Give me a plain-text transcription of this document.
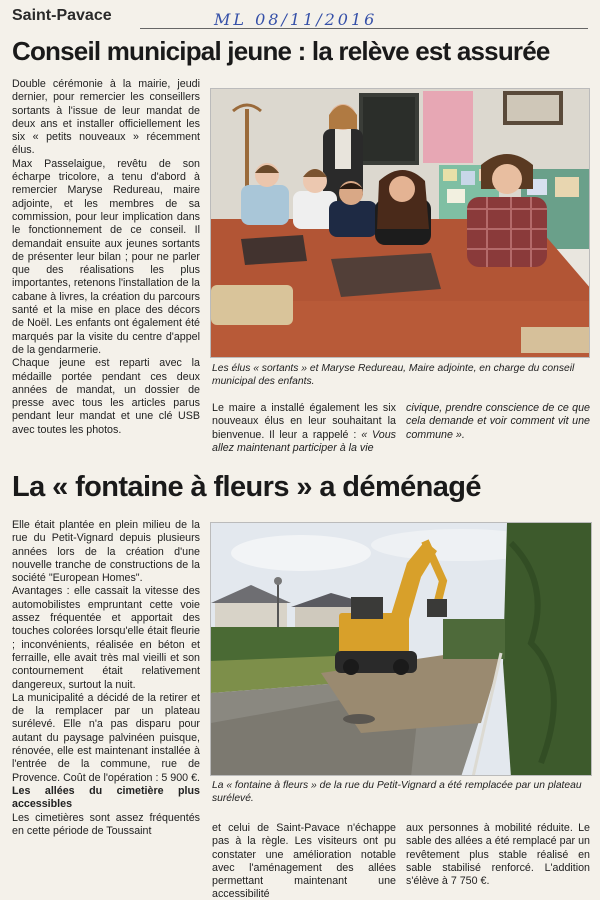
Saint-Pavace	ML 08/11/2016
Conseil municipal jeune : la relève est assurée

Double cérémonie à la mairie, jeudi dernier, pour remercier les conseillers sortants à l'issue de leur mandat de deux ans et installer officiellement les six « petits nouveaux » récemment élus.

Max Passelaigue, revêtu de son écharpe tricolore, a tenu d'abord à remercier Maryse Redureau, maire adjointe, et les membres de sa commission, pour leur implication dans le fonctionnement de ce conseil. Il demandait ensuite aux jeunes sortants de présenter leur bilan ; pour ne parler que des réalisations les plus importantes, retenons l'installation de la cabane à livres, la création du parcours santé et la mise en place des décors de Noël. Les enfants ont également été marqués par la visite du centre d'appel de la gendarmerie.

Chaque jeune est reparti avec la médaille portée pendant ces deux années de mandat, un dossier de presse avec tous les articles parus pendant leur mandat et une clé USB avec toutes les photos.

Les élus « sortants » et Maryse Redureau, Maire adjointe, en charge du conseil municipal des enfants.
Le maire a installé également les six nouveaux élus en leur souhaitant la bienvenue. Il leur a rappelé : « Vous allez maintenant participer à la vie
civique, prendre conscience de ce que cela demande et voir comment vit une commune ».
La « fontaine à fleurs » a déménagé

Elle était plantée en plein milieu de la rue du Petit-Vignard depuis plusieurs années lors de la création d'une nouvelle tranche de constructions de la société "European Homes".

Avantages : elle cassait la vitesse des automobilistes empruntant cette voie assez fréquentée et apportait des touches colorées lorsqu'elle était fleurie ; inconvénients, réalisée en béton et ferraille, elle avait très mal vieilli et son contournement était relativement dangereux, surtout la nuit.

La municipalité a décidé de la retirer et de la remplacer par un plateau surélevé. Elle n'a pas disparu pour autant du paysage palvinéen puisque, rénovée, elle est maintenant installée à l'entrée de la commune, rue de Provence. Coût de l'opération : 5 900 €.

Les allées du cimetière plus accessibles

Les cimetières sont assez fréquentés en cette période de Toussaint

La « fontaine à fleurs » de la rue du Petit-Vignard a été remplacée par un plateau surélevé.
et celui de Saint-Pavace n'échappe pas à la règle. Les visiteurs ont pu constater une amélioration notable avec l'aménagement des allées permettant maintenant une accessibilité
aux personnes à mobilité réduite. Le sable des allées a été remplacé par un revêtement plus stable réalisé en sable stabilisé renforcé. L'addition s'élève à 7 750 €.
